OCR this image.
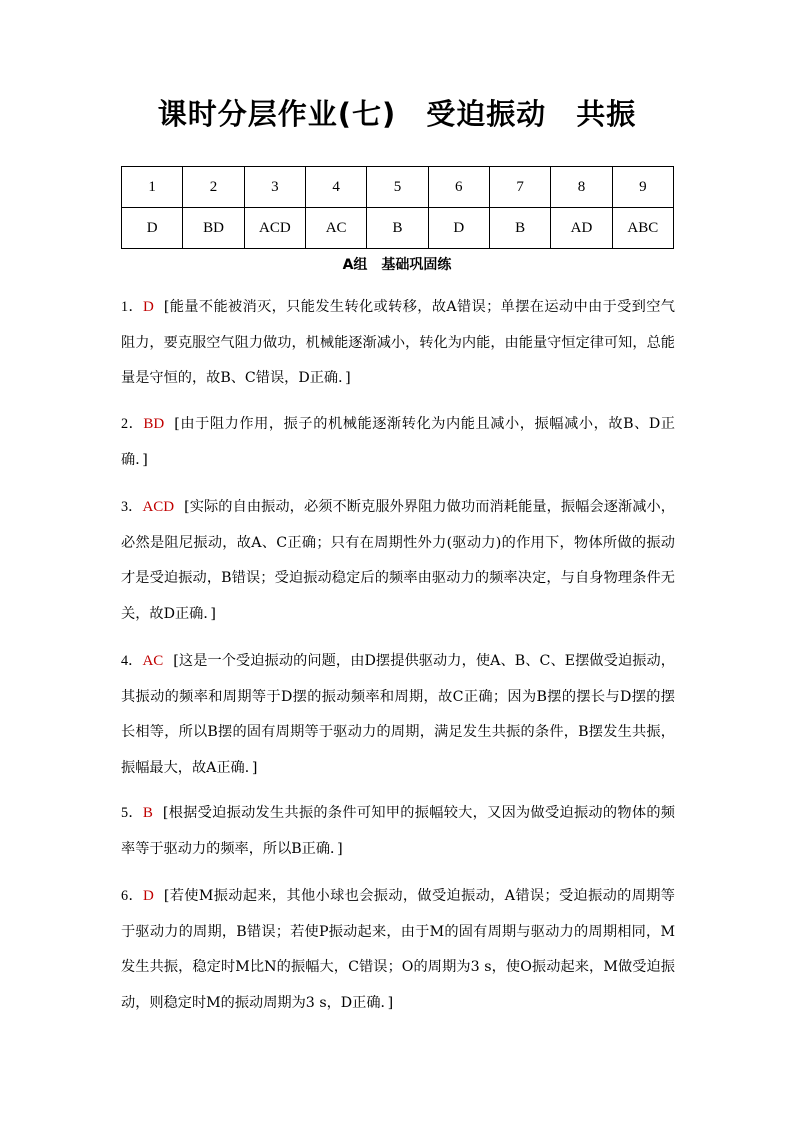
课时分层作业(七)　受迫振动　共振
1	2	3	4	5	6	7	8	9
D	BD	ACD	AC	B	D	B	AD	ABC
A组　基础巩固练
1．D [能量不能被消灭，只能发生转化或转移，故A错误；单摆在运动中由于受到空气阻力，要克服空气阻力做功，机械能逐渐减小，转化为内能，由能量守恒定律可知，总能量是守恒的，故B、C错误，D正确．]
2．BD [由于阻力作用，振子的机械能逐渐转化为内能且减小，振幅减小，故B、D正确．]
3．ACD [实际的自由振动，必须不断克服外界阻力做功而消耗能量，振幅会逐渐减小，必然是阻尼振动，故A、C正确；只有在周期性外力(驱动力)的作用下，物体所做的振动才是受迫振动，B错误；受迫振动稳定后的频率由驱动力的频率决定，与自身物理条件无关，故D正确．]
4．AC [这是一个受迫振动的问题，由D摆提供驱动力，使A、B、C、E摆做受迫振动，其振动的频率和周期等于D摆的振动频率和周期，故C正确；因为B摆的摆长与D摆的摆长相等，所以B摆的固有周期等于驱动力的周期，满足发生共振的条件，B摆发生共振，振幅最大，故A正确．]
5．B [根据受迫振动发生共振的条件可知甲的振幅较大，又因为做受迫振动的物体的频率等于驱动力的频率，所以B正确．]
6．D [若使M振动起来，其他小球也会振动，做受迫振动，A错误；受迫振动的周期等于驱动力的周期，B错误；若使P振动起来，由于M的固有周期与驱动力的周期相同，M发生共振，稳定时M比N的振幅大，C错误；O的周期为3 s，使O振动起来，M做受迫振动，则稳定时M的振动周期为3 s，D正确．]
